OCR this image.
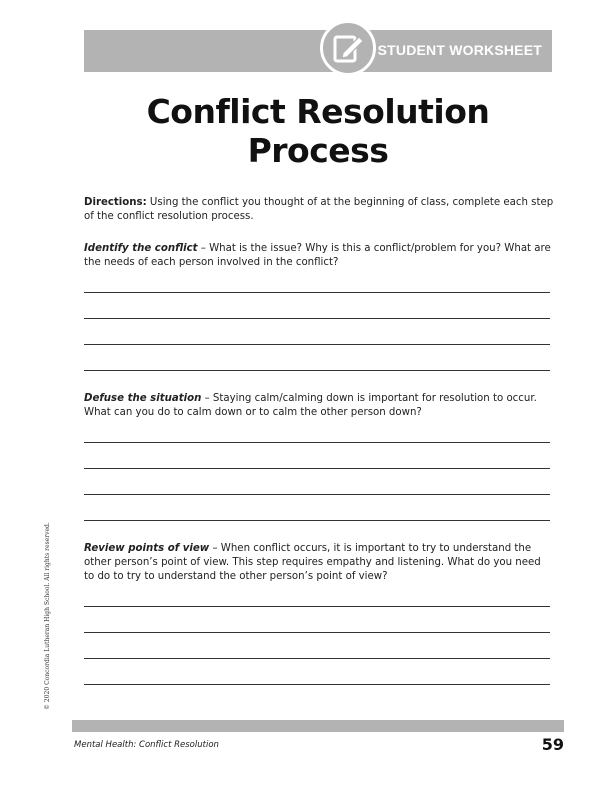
STUDENT WORKSHEET
Conflict Resolution
Process
Directions: Using the conflict you thought of at the beginning of class, complete each step of the conflict resolution process.
Identify the conflict – What is the issue? Why is this a conflict/problem for you? What are the needs of each person involved in the conflict?
Defuse the situation – Staying calm/calming down is important for resolution to occur. What can you do to calm down or to calm the other person down?
Review points of view – When conflict occurs, it is important to try to understand the other person’s point of view. This step requires empathy and listening. What do you need to do to try to understand the other person’s point of view?
© 2020 Concordia Lutheran High School. All rights reserved.
Mental Health: Conflict Resolution	59
